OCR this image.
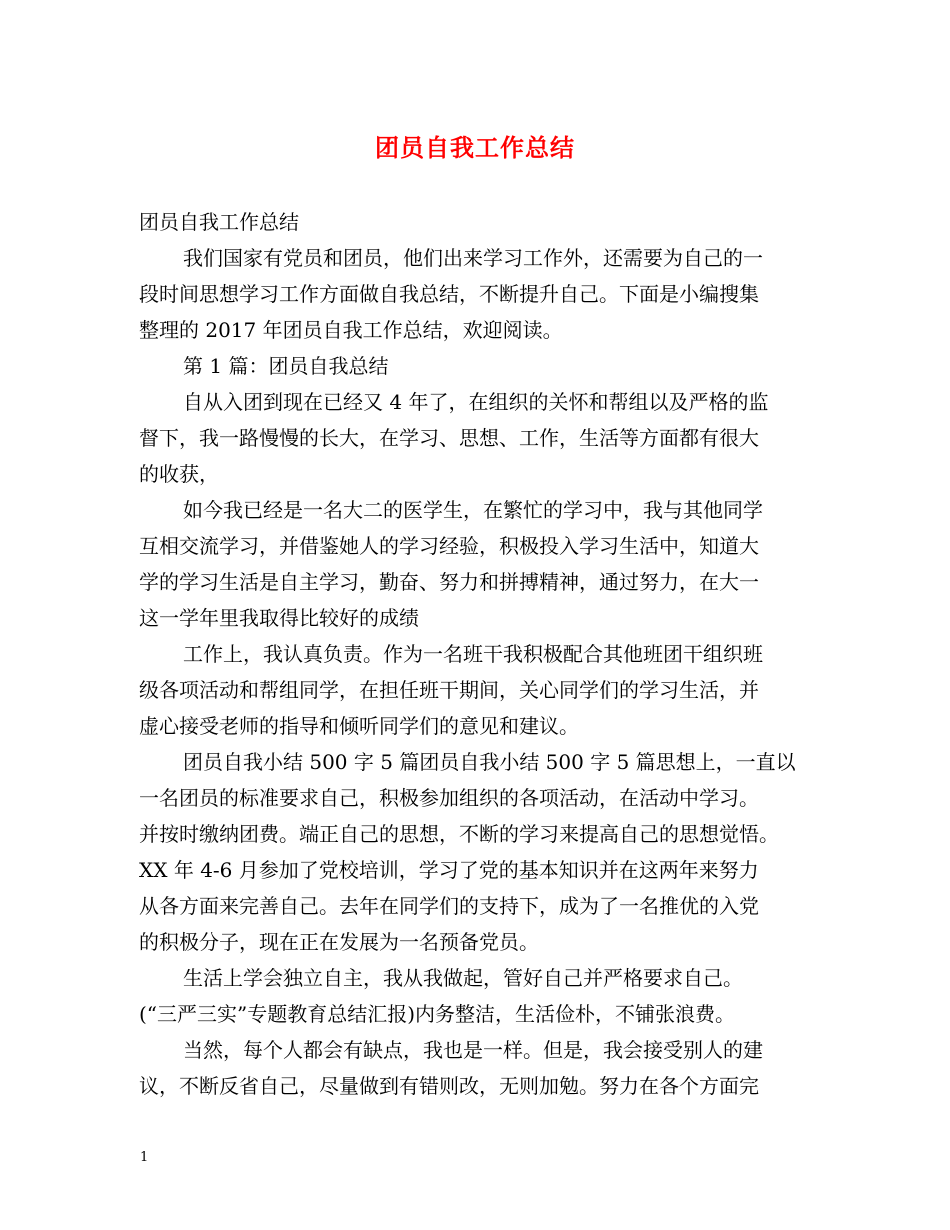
团员自我工作总结
团员自我工作总结
我们国家有党员和团员，他们出来学习工作外，还需要为自己的一
段时间思想学习工作方面做自我总结，不断提升自己。下面是小编搜集
整理的 2017 年团员自我工作总结，欢迎阅读。
第 1 篇：团员自我总结
自从入团到现在已经又 4 年了，在组织的关怀和帮组以及严格的监
督下，我一路慢慢的长大，在学习、思想、工作，生活等方面都有很大
的收获，
如今我已经是一名大二的医学生，在繁忙的学习中，我与其他同学
互相交流学习，并借鉴她人的学习经验，积极投入学习生活中，知道大
学的学习生活是自主学习，勤奋、努力和拼搏精神，通过努力，在大一
这一学年里我取得比较好的成绩
工作上，我认真负责。作为一名班干我积极配合其他班团干组织班
级各项活动和帮组同学，在担任班干期间，关心同学们的学习生活，并
虚心接受老师的指导和倾听同学们的意见和建议。
团员自我小结 500 字 5 篇团员自我小结 500 字 5 篇思想上，一直以
一名团员的标准要求自己，积极参加组织的各项活动，在活动中学习。
并按时缴纳团费。端正自己的思想，不断的学习来提高自己的思想觉悟。
XX 年 4-6 月参加了党校培训，学习了党的基本知识并在这两年来努力
从各方面来完善自己。去年在同学们的支持下，成为了一名推优的入党
的积极分子，现在正在发展为一名预备党员。
生活上学会独立自主，我从我做起，管好自己并严格要求自己。
(“三严三实”专题教育总结汇报)内务整洁，生活俭朴，不铺张浪费。
当然，每个人都会有缺点，我也是一样。但是，我会接受别人的建
议，不断反省自己，尽量做到有错则改，无则加勉。努力在各个方面完
1
